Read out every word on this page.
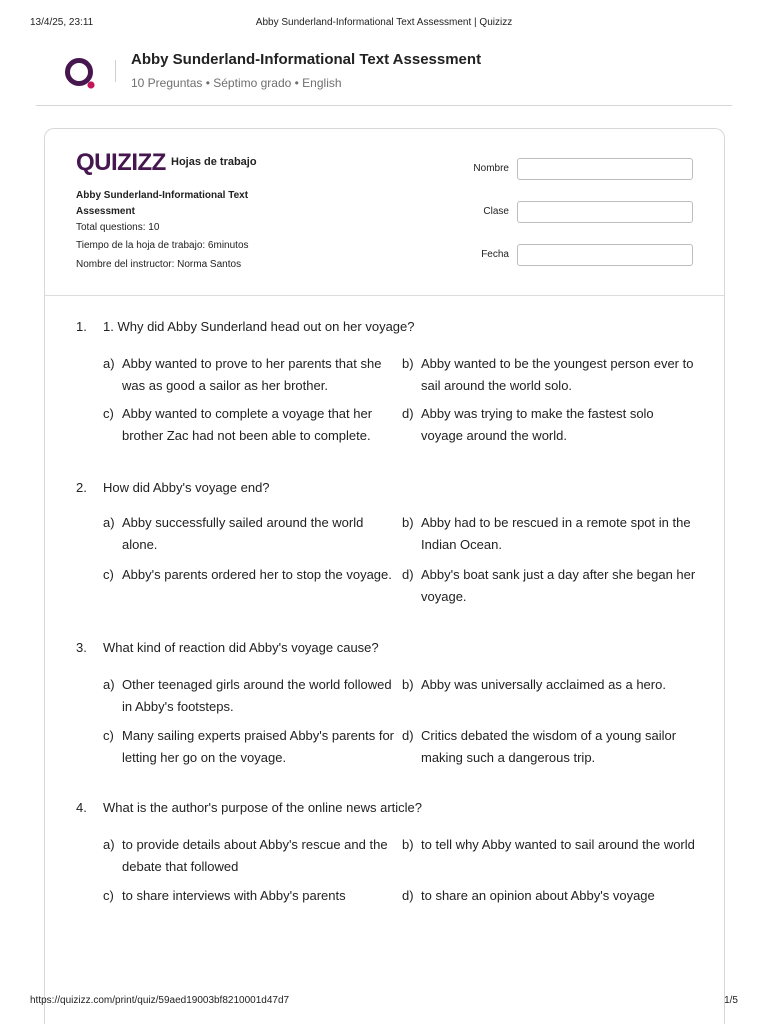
13/4/25, 23:11	Abby Sunderland-Informational Text Assessment | Quizizz
Abby Sunderland-Informational Text Assessment
10 Preguntas • Séptimo grado • English
QUIZIZZ Hojas de trabajo
Abby Sunderland-Informational Text Assessment
Total questions: 10
Tiempo de la hoja de trabajo: 6minutos
Nombre del instructor: Norma Santos
Nombre
Clase
Fecha
1. 1. Why did Abby Sunderland head out on her voyage?
a) Abby wanted to prove to her parents that she was as good a sailor as her brother.
b) Abby wanted to be the youngest person ever to sail around the world solo.
c) Abby wanted to complete a voyage that her brother Zac had not been able to complete.
d) Abby was trying to make the fastest solo voyage around the world.
2. How did Abby's voyage end?
a) Abby successfully sailed around the world alone.
b) Abby had to be rescued in a remote spot in the Indian Ocean.
c) Abby's parents ordered her to stop the voyage. d) Abby's boat sank just a day after she began her voyage.
3. What kind of reaction did Abby's voyage cause?
a) Other teenaged girls around the world followed in Abby's footsteps.
b) Abby was universally acclaimed as a hero.
c) Many sailing experts praised Abby's parents for letting her go on the voyage.
d) Critics debated the wisdom of a young sailor making such a dangerous trip.
4. What is the author's purpose of the online news article?
a) to provide details about Abby's rescue and the debate that followed
b) to tell why Abby wanted to sail around the world
c) to share interviews with Abby's parents	d) to share an opinion about Abby's voyage
https://quizizz.com/print/quiz/59aed19003bf8210001d47d7	1/5
